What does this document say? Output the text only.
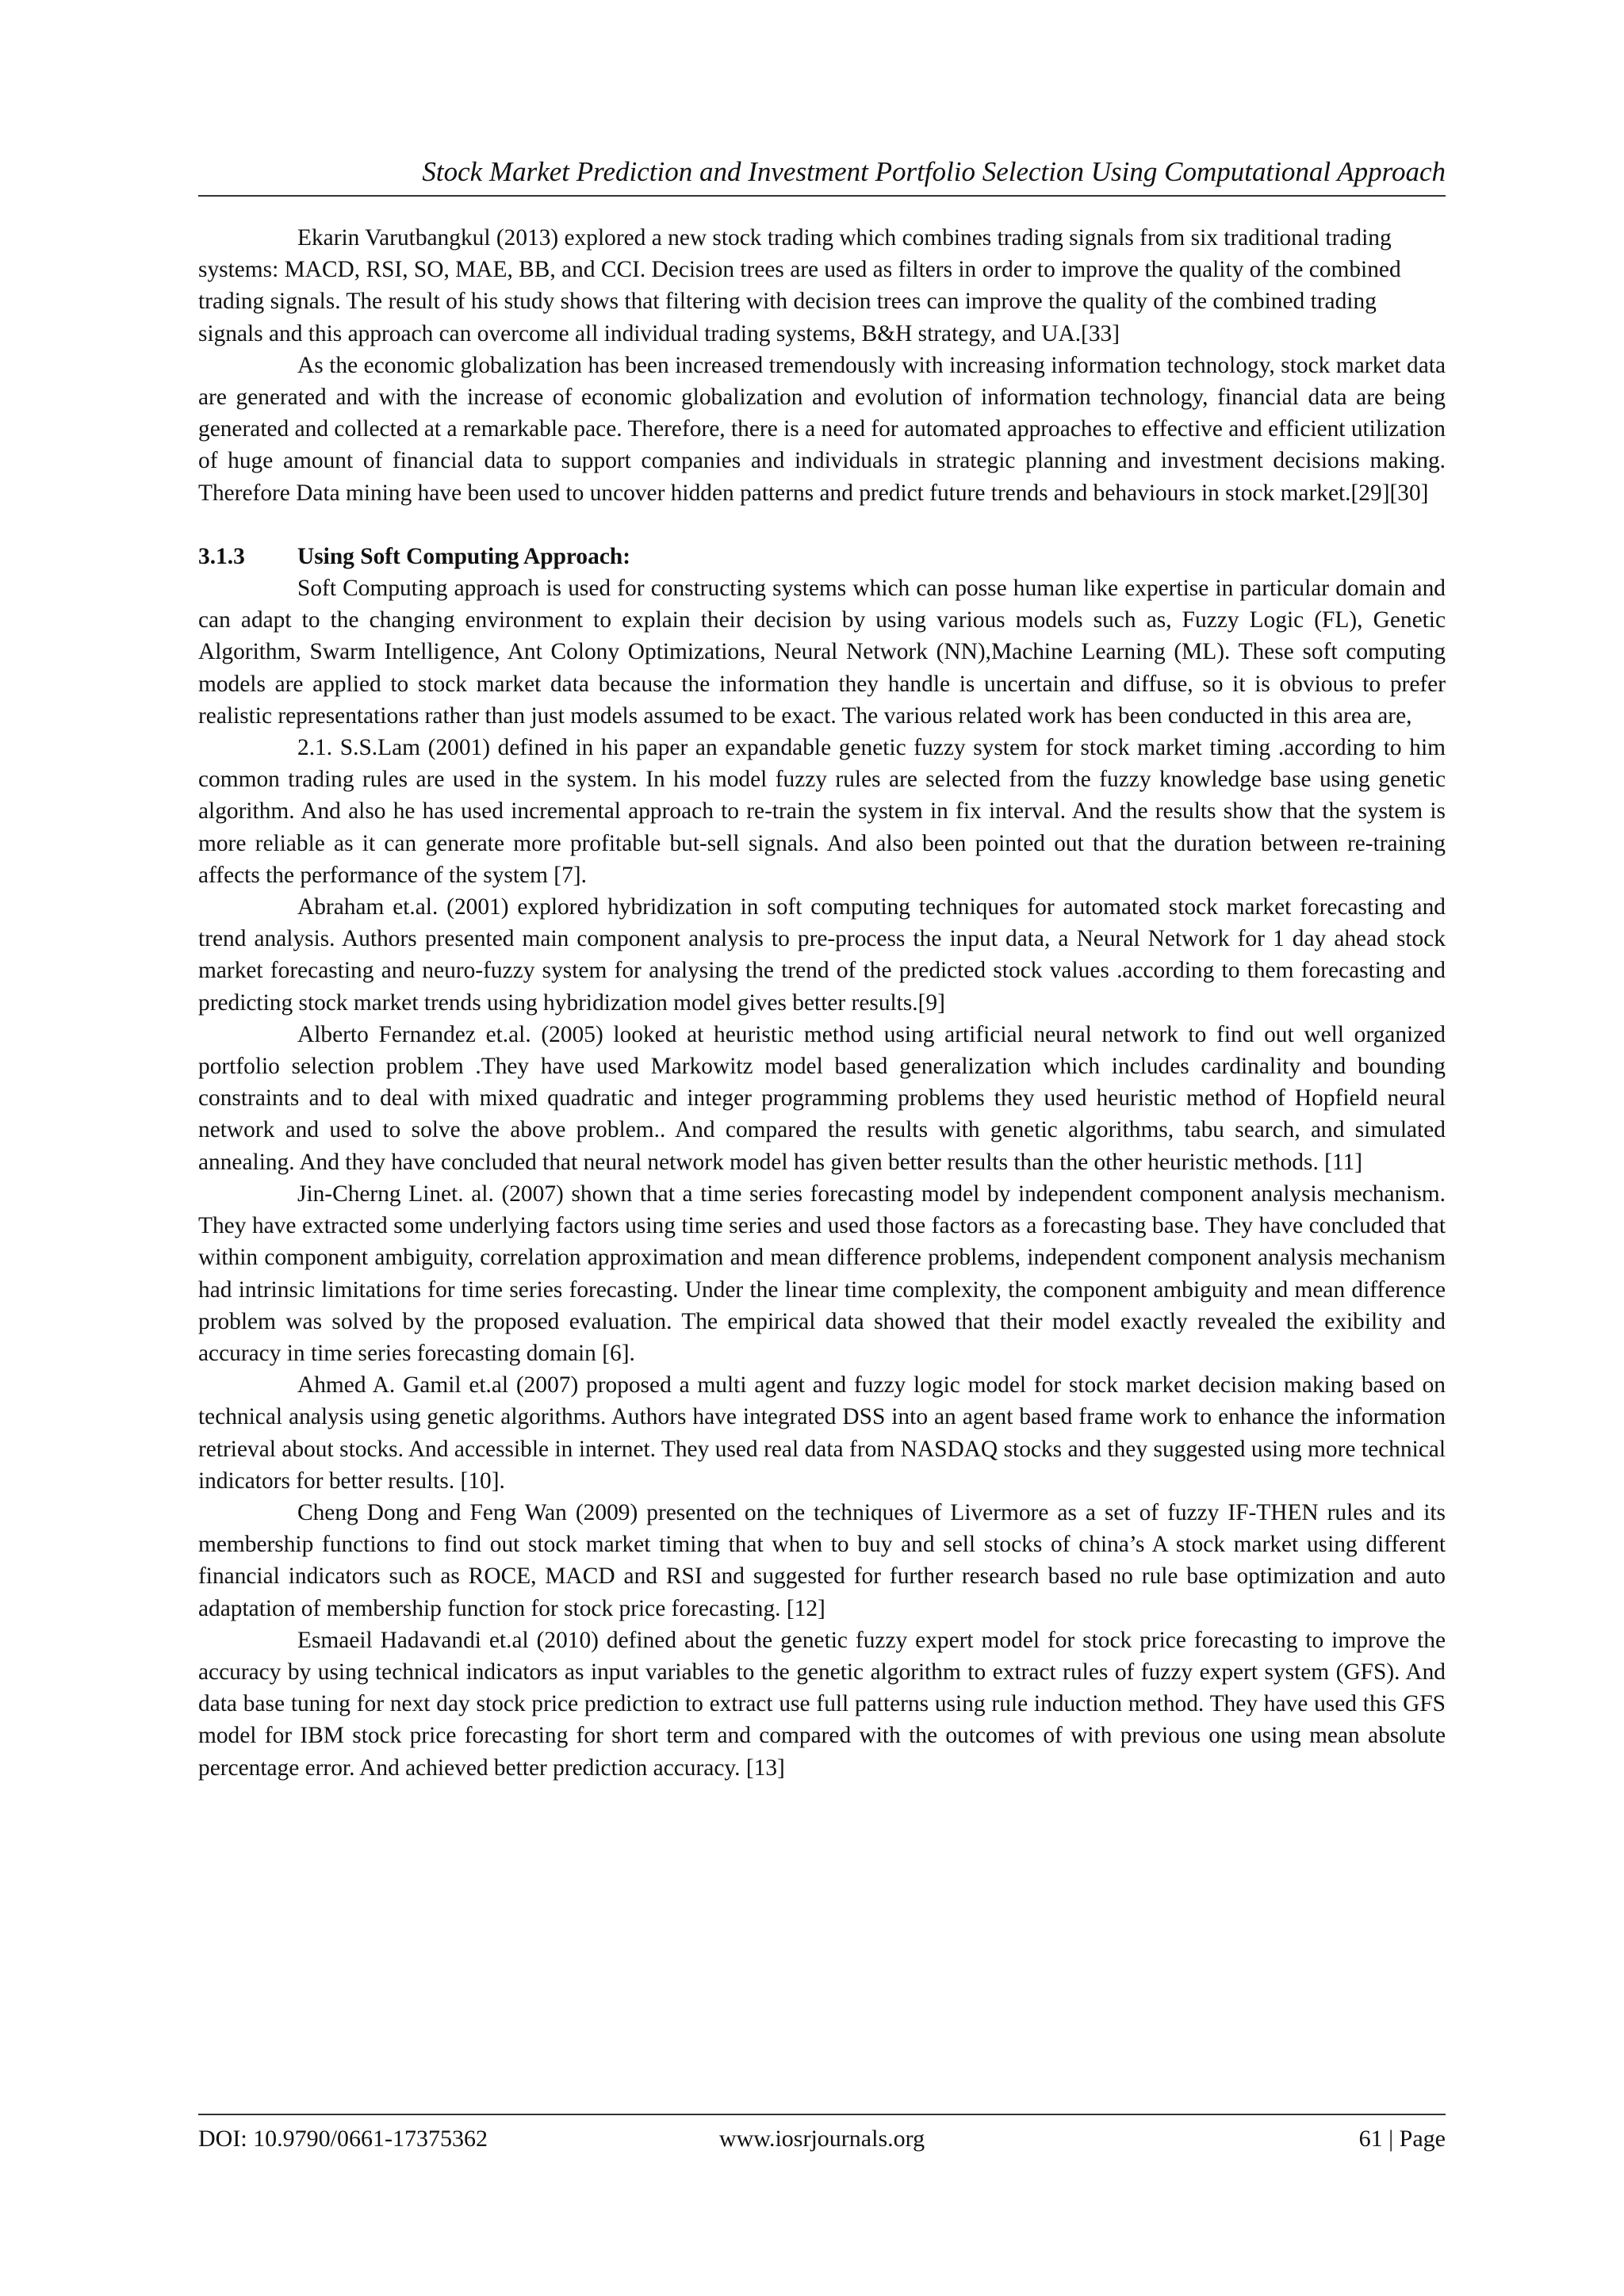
Stock Market Prediction and Investment Portfolio Selection Using Computational Approach

Ekarin Varutbangkul (2013) explored a new stock trading which combines trading signals from six traditional trading systems: MACD, RSI, SO, MAE, BB, and CCI. Decision trees are used as filters in order to improve the quality of the combined trading signals. The result of his study shows that filtering with decision trees can improve the quality of the combined trading signals and this approach can overcome all individual trading systems, B&H strategy, and UA.[33]

As the economic globalization has been increased tremendously with increasing information technology, stock market data are generated and with the increase of economic globalization and evolution of information technology, financial data are being generated and collected at a remarkable pace. Therefore, there is a need for automated approaches to effective and efficient utilization of huge amount of financial data to support companies and individuals in strategic planning and investment decisions making. Therefore Data mining have been used to uncover hidden patterns and predict future trends and behaviours in stock market.[29][30]

3.1.3 Using Soft Computing Approach:

Soft Computing approach is used for constructing systems which can posse human like expertise in particular domain and can adapt to the changing environment to explain their decision by using various models such as, Fuzzy Logic (FL), Genetic Algorithm, Swarm Intelligence, Ant Colony Optimizations, Neural Network (NN),Machine Learning (ML). These soft computing models are applied to stock market data because the information they handle is uncertain and diffuse, so it is obvious to prefer realistic representations rather than just models assumed to be exact. The various related work has been conducted in this area are,

2.1. S.S.Lam (2001) defined in his paper an expandable genetic fuzzy system for stock market timing .according to him common trading rules are used in the system. In his model fuzzy rules are selected from the fuzzy knowledge base using genetic algorithm. And also he has used incremental approach to re-train the system in fix interval. And the results show that the system is more reliable as it can generate more profitable but-sell signals. And also been pointed out that the duration between re-training affects the performance of the system [7].

Abraham et.al. (2001) explored hybridization in soft computing techniques for automated stock market forecasting and trend analysis. Authors presented main component analysis to pre-process the input data, a Neural Network for 1 day ahead stock market forecasting and neuro-fuzzy system for analysing the trend of the predicted stock values .according to them forecasting and predicting stock market trends using hybridization model gives better results.[9]

Alberto Fernandez et.al. (2005) looked at heuristic method using artificial neural network to find out well organized portfolio selection problem .They have used Markowitz model based generalization which includes cardinality and bounding constraints and to deal with mixed quadratic and integer programming problems they used heuristic method of Hopfield neural network and used to solve the above problem.. And compared the results with genetic algorithms, tabu search, and simulated annealing. And they have concluded that neural network model has given better results than the other heuristic methods. [11]

Jin-Cherng Linet. al. (2007) shown that a time series forecasting model by independent component analysis mechanism. They have extracted some underlying factors using time series and used those factors as a forecasting base. They have concluded that within component ambiguity, correlation approximation and mean difference problems, independent component analysis mechanism had intrinsic limitations for time series forecasting. Under the linear time complexity, the component ambiguity and mean difference problem was solved by the proposed evaluation. The empirical data showed that their model exactly revealed the exibility and accuracy in time series forecasting domain [6].

Ahmed A. Gamil et.al (2007) proposed a multi agent and fuzzy logic model for stock market decision making based on technical analysis using genetic algorithms. Authors have integrated DSS into an agent based frame work to enhance the information retrieval about stocks. And accessible in internet. They used real data from NASDAQ stocks and they suggested using more technical indicators for better results. [10].

Cheng Dong and Feng Wan (2009) presented on the techniques of Livermore as a set of fuzzy IF-THEN rules and its membership functions to find out stock market timing that when to buy and sell stocks of china’s A stock market using different financial indicators such as ROCE, MACD and RSI and suggested for further research based no rule base optimization and auto adaptation of membership function for stock price forecasting. [12]

Esmaeil Hadavandi et.al (2010) defined about the genetic fuzzy expert model for stock price forecasting to improve the accuracy by using technical indicators as input variables to the genetic algorithm to extract rules of fuzzy expert system (GFS). And data base tuning for next day stock price prediction to extract use full patterns using rule induction method. They have used this GFS model for IBM stock price forecasting for short term and compared with the outcomes of with previous one using mean absolute percentage error. And achieved better prediction accuracy. [13]

DOI: 10.9790/0661-17375362	www.iosrjournals.org	61 | Page
